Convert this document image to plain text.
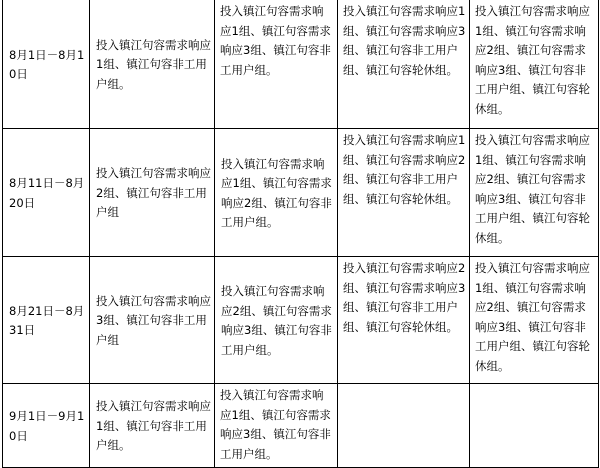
8月1日－8月10日	投入镇江句容需求响应1组、镇江句容非工用户组。	投入镇江句容需求响应1组、镇江句容需求响应3组、镇江句容非工用户组。	投入镇江句容需求响应1组、镇江句容需求响应3组、镇江句容非工用户组、镇江句容轮休组。	投入镇江句容需求响应1组、镇江句容需求响应2组、镇江句容需求响应3组、镇江句容非工用户组、镇江句容轮休组。
8月11日－8月20日	投入镇江句容需求响应2组、镇江句容非工用户组	投入镇江句容需求响应1组、镇江句容需求响应2组、镇江句容非工用户组。	投入镇江句容需求响应1组、镇江句容需求响应2组、镇江句容非工用户组、镇江句容轮休组。	投入镇江句容需求响应1组、镇江句容需求响应2组、镇江句容需求响应3组、镇江句容非工用户组、镇江句容轮休组。
8月21日－8月31日	投入镇江句容需求响应3组、镇江句容非工用户组	投入镇江句容需求响应2组、镇江句容需求响应3组、镇江句容非工用户组。	投入镇江句容需求响应2组、镇江句容需求响应3组、镇江句容非工用户组、镇江句容轮休组。	投入镇江句容需求响应1组、镇江句容需求响应2组、镇江句容需求响应3组、镇江句容非工用户组、镇江句容轮休组。
9月1日－9月10日	投入镇江句容需求响应1组、镇江句容非工用户组。	投入镇江句容需求响应1组、镇江句容需求响应3组、镇江句容非工用户组。		
